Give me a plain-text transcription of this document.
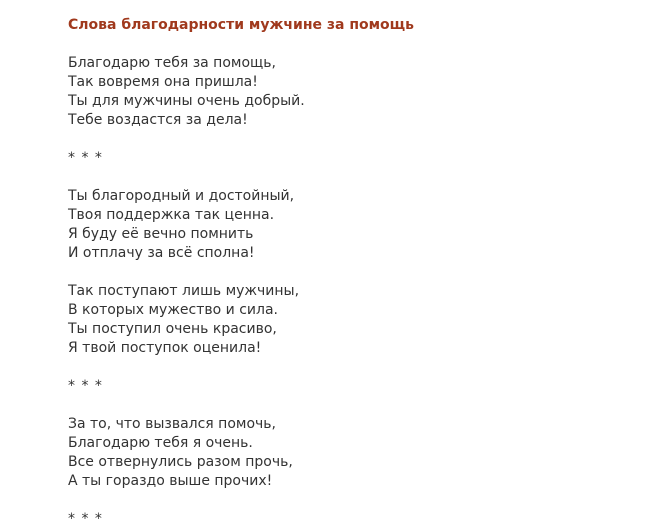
Слова благодарности мужчине за помощь
Благодарю тебя за помощь,
Так вовремя она пришла!
Ты для мужчины очень добрый.
Тебе воздастся за дела!
* * *
Ты благородный и достойный,
Твоя поддержка так ценна.
Я буду её вечно помнить
И отплачу за всё сполна!
Так поступают лишь мужчины,
В которых мужество и сила.
Ты поступил очень красиво,
Я твой поступок оценила!
* * *
За то, что вызвался помочь,
Благодарю тебя я очень.
Все отвернулись разом прочь,
А ты гораздо выше прочих!
* * *
